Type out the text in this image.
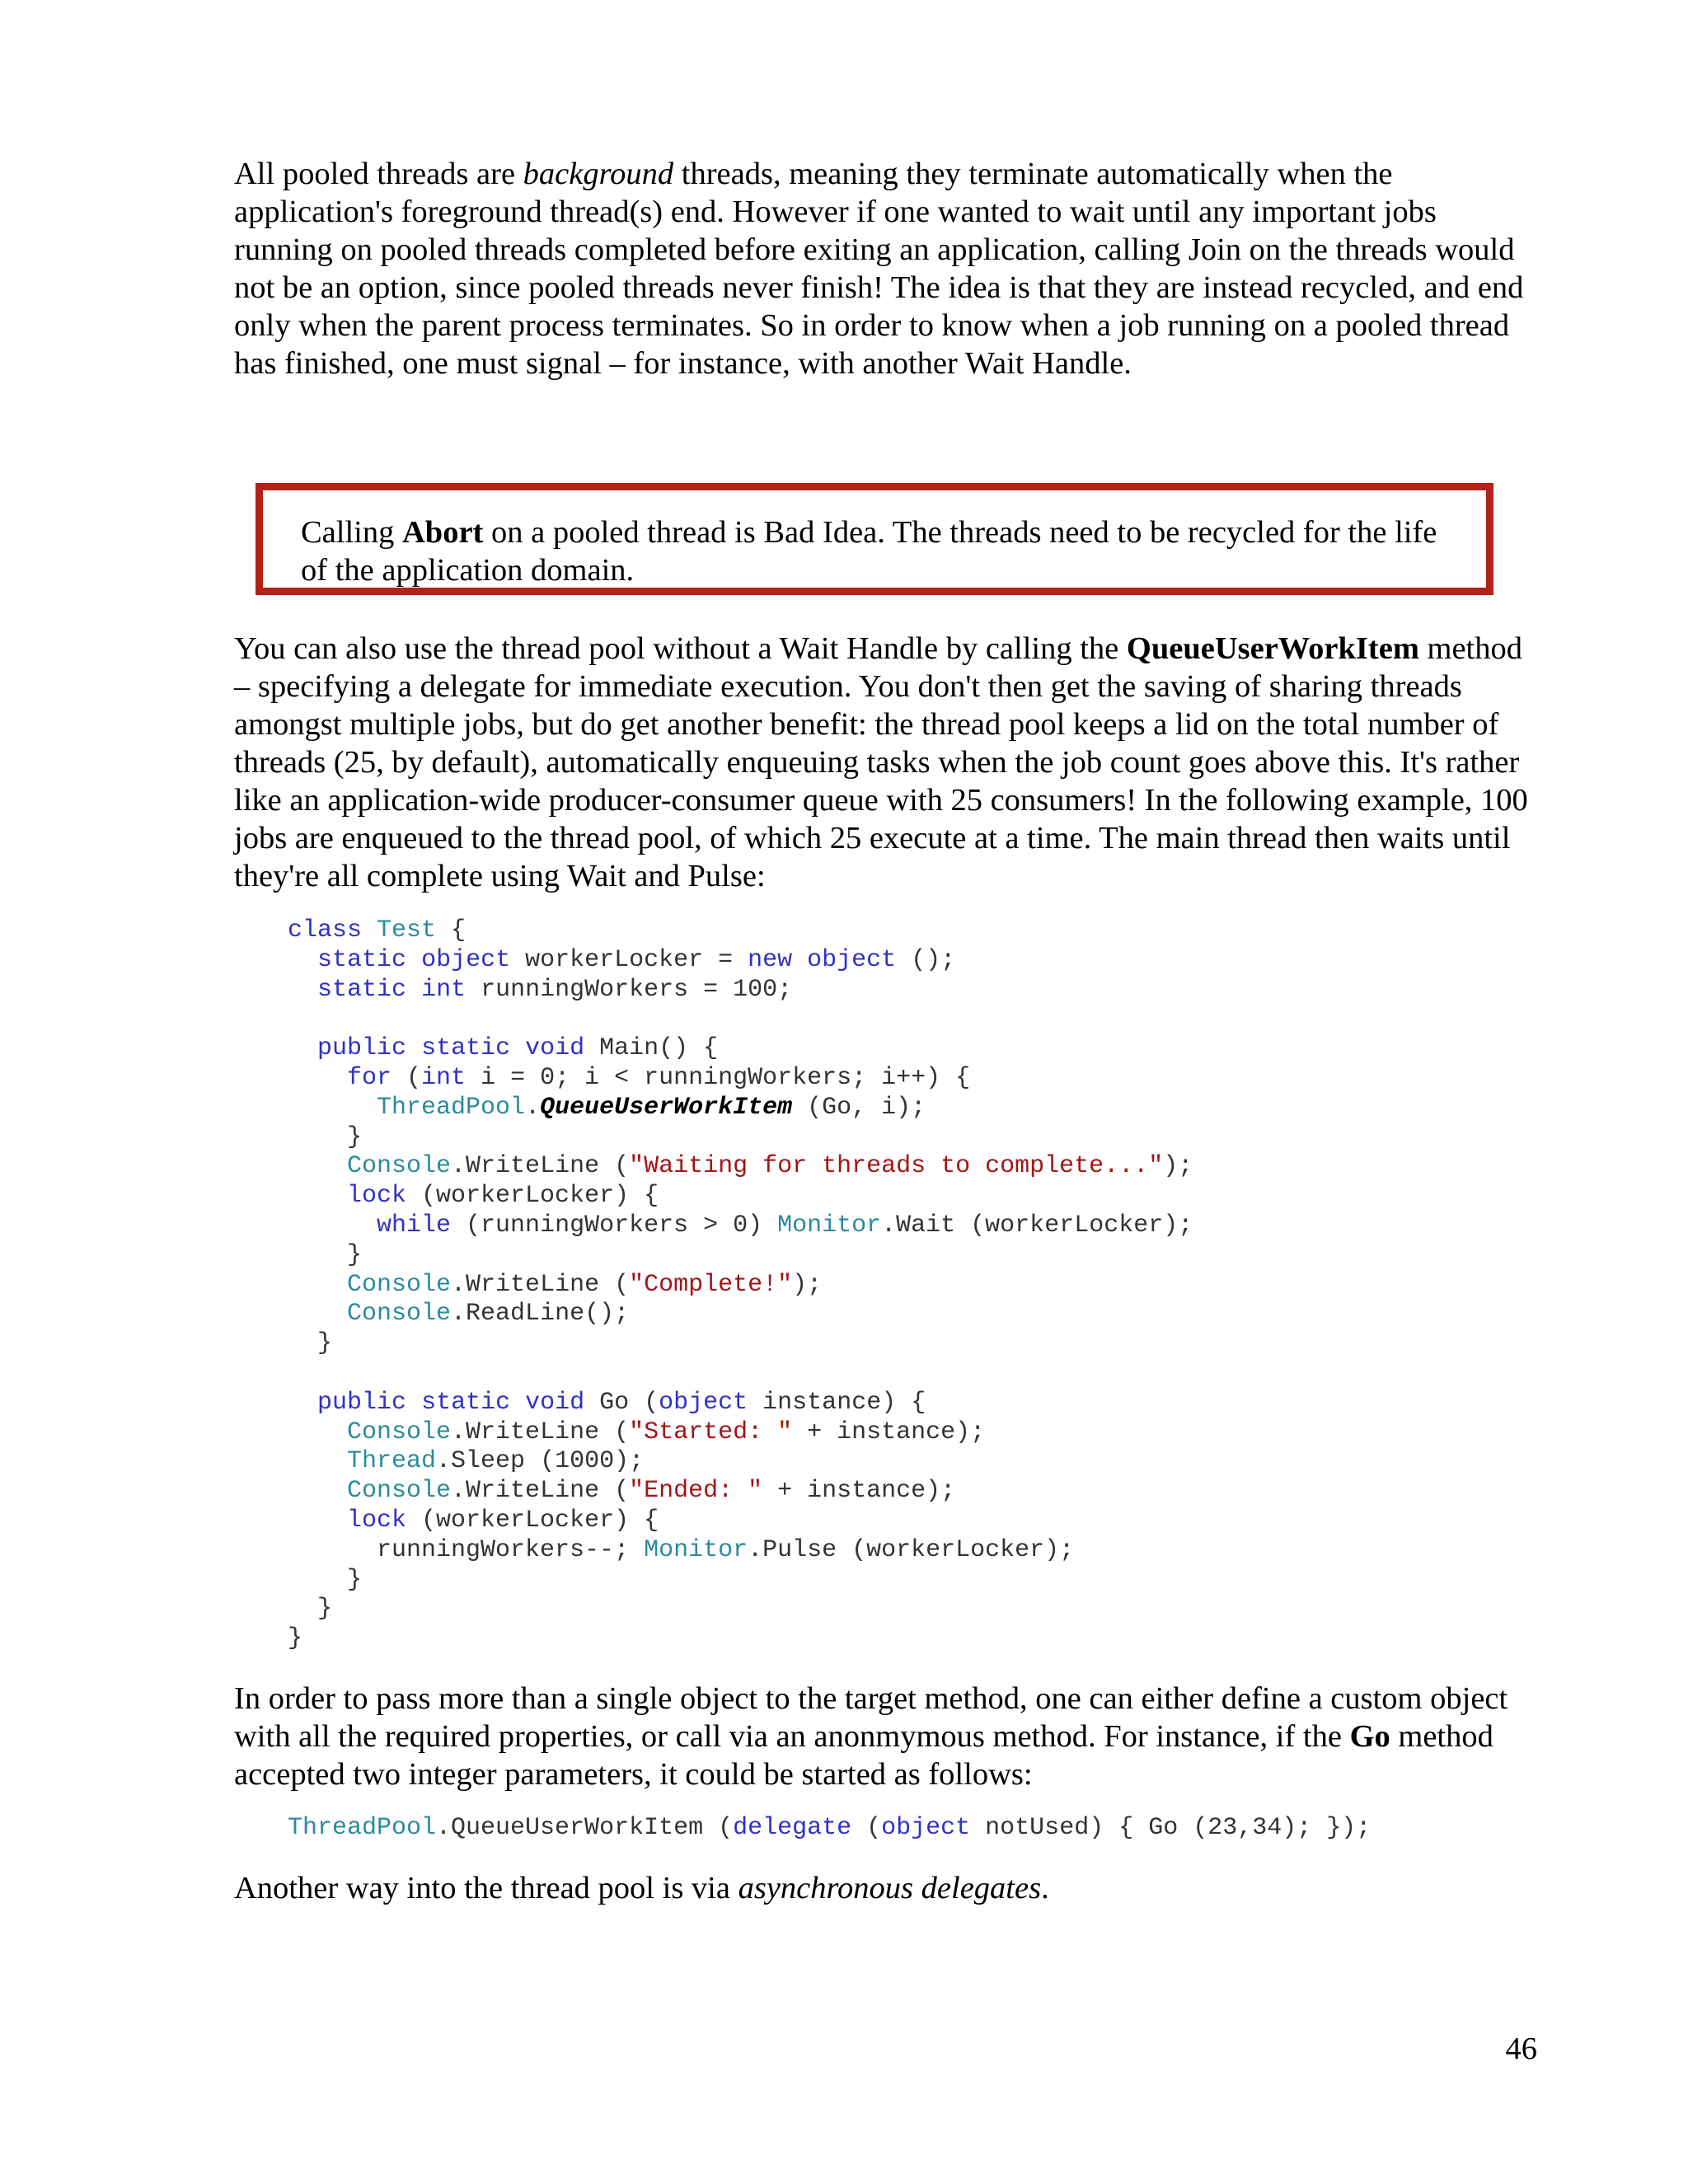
All pooled threads are background threads, meaning they terminate automatically when the application's foreground thread(s) end. However if one wanted to wait until any important jobs running on pooled threads completed before exiting an application, calling Join on the threads would not be an option, since pooled threads never finish! The idea is that they are instead recycled, and end only when the parent process terminates. So in order to know when a job running on a pooled thread has finished, one must signal – for instance, with another Wait Handle.

Calling Abort on a pooled thread is Bad Idea. The threads need to be recycled for the life of the application domain.

You can also use the thread pool without a Wait Handle by calling the QueueUserWorkItem method – specifying a delegate for immediate execution. You don't then get the saving of sharing threads amongst multiple jobs, but do get another benefit: the thread pool keeps a lid on the total number of threads (25, by default), automatically enqueuing tasks when the job count goes above this. It's rather like an application-wide producer-consumer queue with 25 consumers! In the following example, 100 jobs are enqueued to the thread pool, of which 25 execute at a time. The main thread then waits until they're all complete using Wait and Pulse:

class Test {
static object workerLocker = new object ();
static int runningWorkers = 100;

public static void Main() {
for (int i = 0; i < runningWorkers; i++) {
ThreadPool.QueueUserWorkItem (Go, i);
}
Console.WriteLine ("Waiting for threads to complete...");
lock (workerLocker) {
while (runningWorkers > 0) Monitor.Wait (workerLocker);
}
Console.WriteLine ("Complete!");
Console.ReadLine();
}

public static void Go (object instance) {
Console.WriteLine ("Started: " + instance);
Thread.Sleep (1000);
Console.WriteLine ("Ended: " + instance);
lock (workerLocker) {
runningWorkers--; Monitor.Pulse (workerLocker);
}
}
}

In order to pass more than a single object to the target method, one can either define a custom object with all the required properties, or call via an anonmymous method. For instance, if the Go method accepted two integer parameters, it could be started as follows:

ThreadPool.QueueUserWorkItem (delegate (object notUsed) { Go (23,34); });

Another way into the thread pool is via asynchronous delegates.

46
